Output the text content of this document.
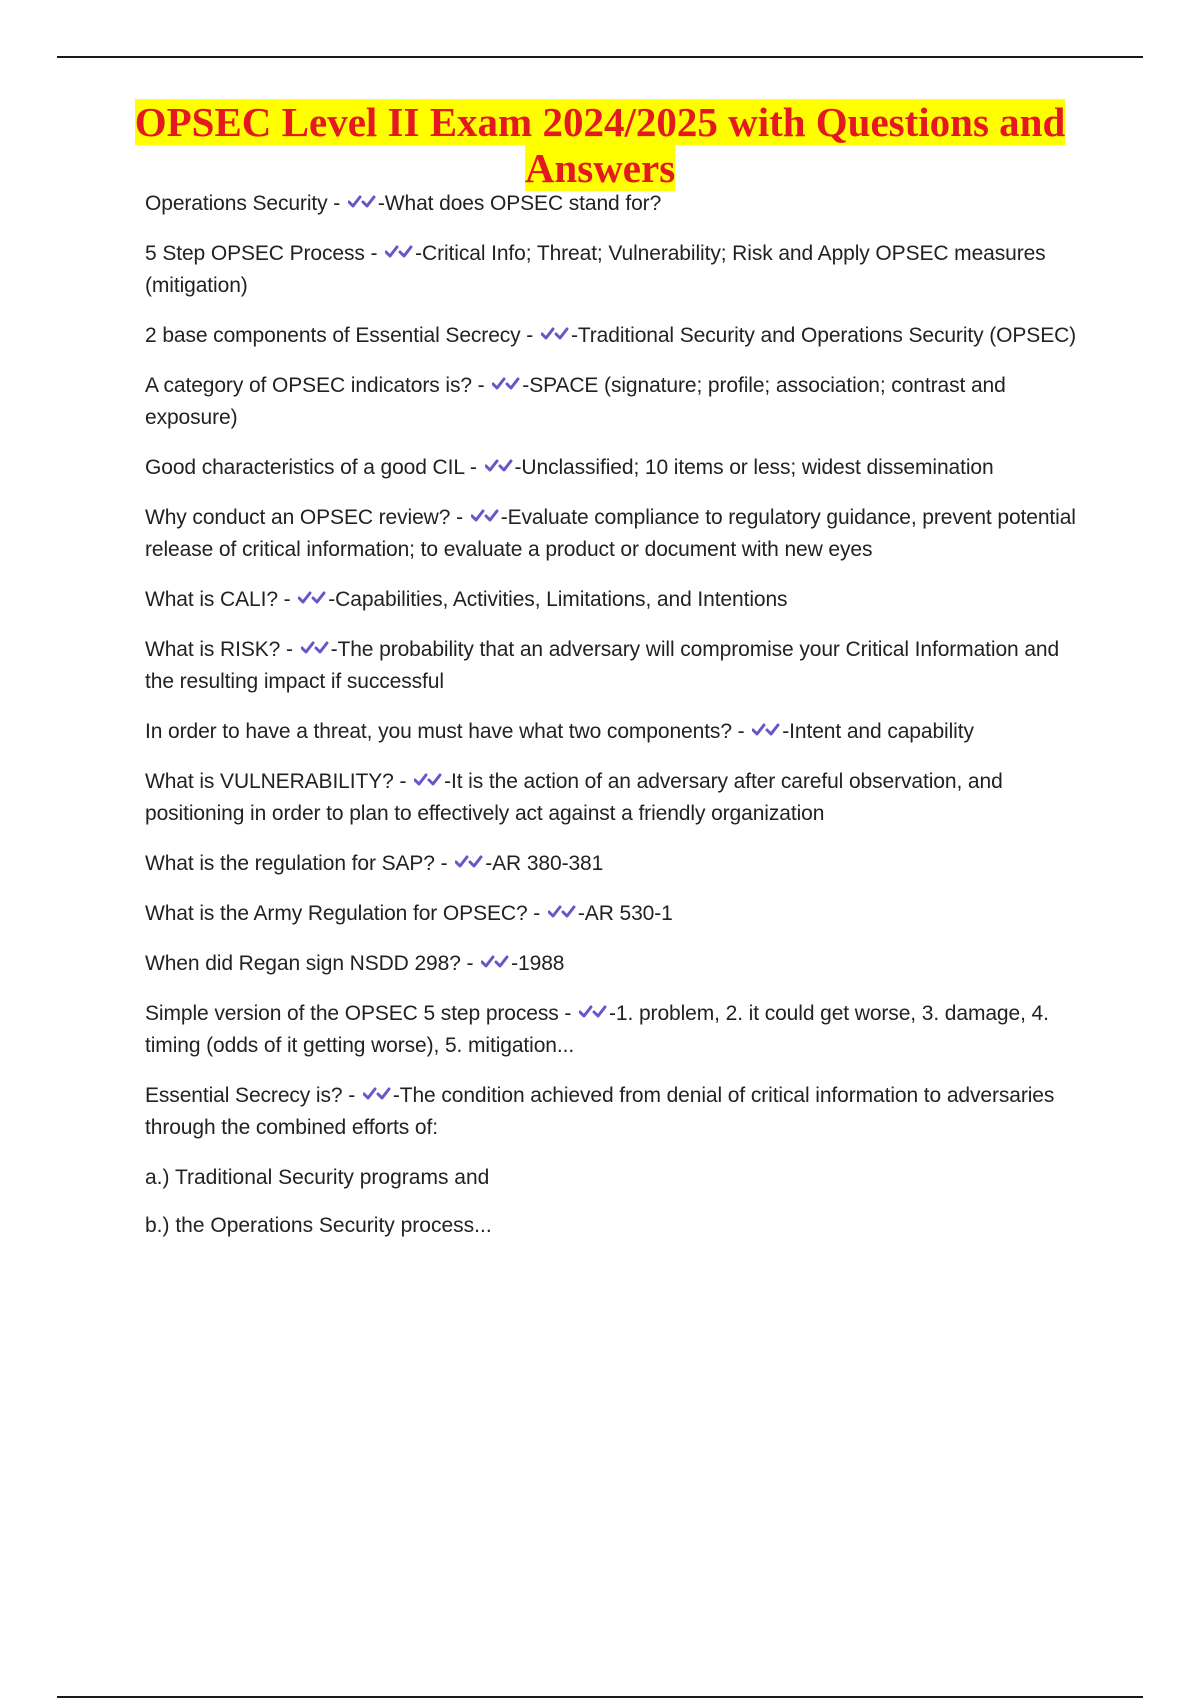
OPSEC Level II Exam 2024/2025 with Questions and Answers

Operations Security - -What does OPSEC stand for?

5 Step OPSEC Process - -Critical Info; Threat; Vulnerability; Risk and Apply OPSEC measures (mitigation)

2 base components of Essential Secrecy - -Traditional Security and Operations Security (OPSEC)

A category of OPSEC indicators is? - -SPACE (signature; profile; association; contrast and exposure)

Good characteristics of a good CIL - -Unclassified; 10 items or less; widest dissemination

Why conduct an OPSEC review? - -Evaluate compliance to regulatory guidance, prevent potential release of critical information; to evaluate a product or document with new eyes

What is CALI? - -Capabilities, Activities, Limitations, and Intentions

What is RISK? - -The probability that an adversary will compromise your Critical Information and the resulting impact if successful

In order to have a threat, you must have what two components? - -Intent and capability

What is VULNERABILITY? - -It is the action of an adversary after careful observation, and positioning in order to plan to effectively act against a friendly organization

What is the regulation for SAP? - -AR 380-381

What is the Army Regulation for OPSEC? - -AR 530-1

When did Regan sign NSDD 298? - -1988

Simple version of the OPSEC 5 step process - -1. problem, 2. it could get worse, 3. damage, 4. timing (odds of it getting worse), 5. mitigation...

Essential Secrecy is? - -The condition achieved from denial of critical information to adversaries through the combined efforts of:

a.) Traditional Security programs and

b.) the Operations Security process...
